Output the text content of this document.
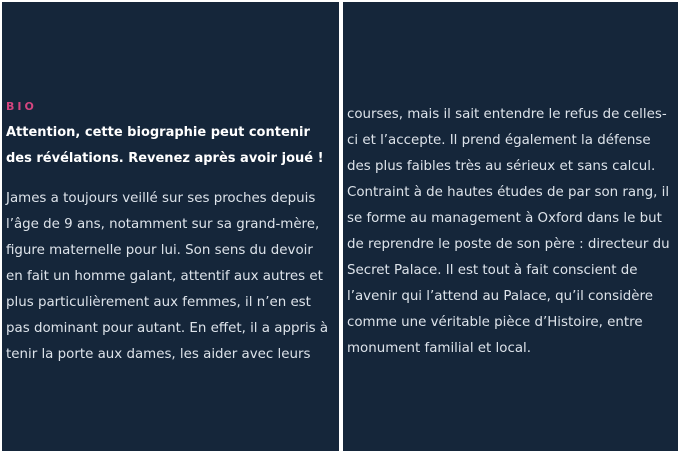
BIO
Attention, cette biographie peut contenir des révélations. Revenez après avoir joué !

James a toujours veillé sur ses proches depuis l’âge de 9 ans, notamment sur sa grand-mère, figure maternelle pour lui. Son sens du devoir en fait un homme galant, attentif aux autres et plus particulièrement aux femmes, il n’en est pas dominant pour autant. En effet, il a appris à tenir la porte aux dames, les aider avec leurs

courses, mais il sait entendre le refus de celles-ci et l’accepte. Il prend également la défense des plus faibles très au sérieux et sans calcul. Contraint à de hautes études de par son rang, il se forme au management à Oxford dans le but de reprendre le poste de son père : directeur du Secret Palace. Il est tout à fait conscient de l’avenir qui l’attend au Palace, qu’il considère comme une véritable pièce d’Histoire, entre monument familial et local.
